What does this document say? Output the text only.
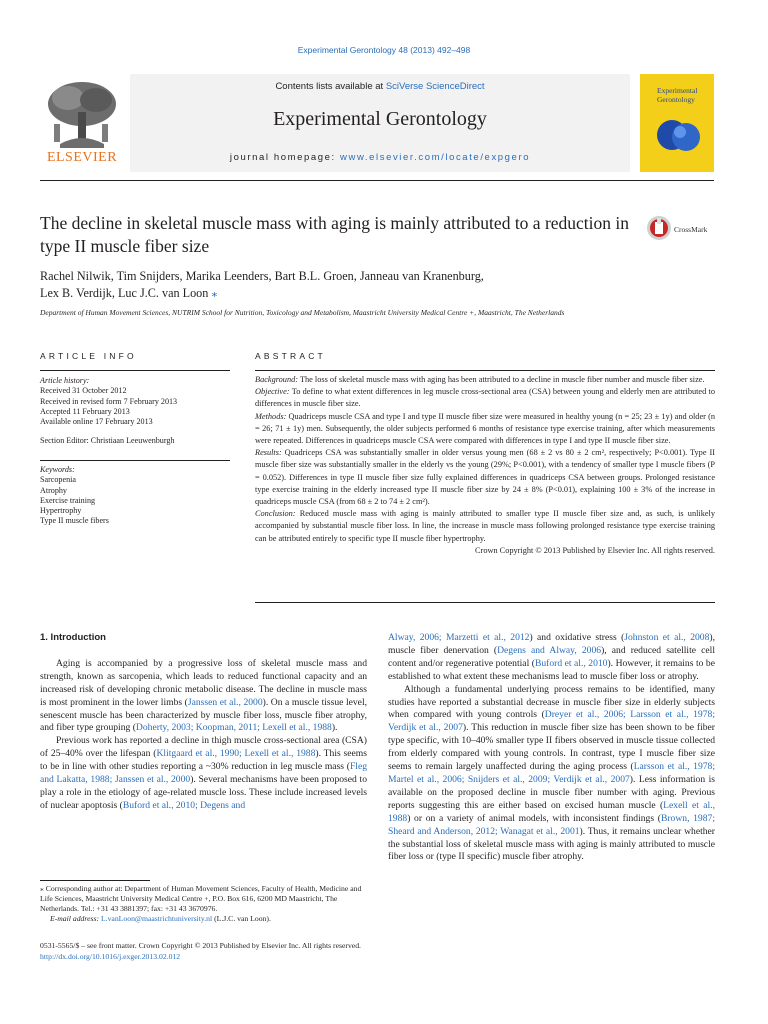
Experimental Gerontology 48 (2013) 492–498
Contents lists available at SciVerse ScienceDirect
Experimental Gerontology
journal homepage: www.elsevier.com/locate/expgero
ELSEVIER
Experimental
Gerontology
The decline in skeletal muscle mass with aging is mainly attributed to a reduction in type II muscle fiber size
CrossMark
Rachel Nilwik, Tim Snijders, Marika Leenders, Bart B.L. Groen, Janneau van Kranenburg,
Lex B. Verdijk, Luc J.C. van Loon ⁎
Department of Human Movement Sciences, NUTRIM School for Nutrition, Toxicology and Metabolism, Maastricht University Medical Centre +, Maastricht, The Netherlands
ARTICLE INFO	ABSTRACT
Article history:
Received 31 October 2012
Received in revised form 7 February 2013
Accepted 11 February 2013
Available online 17 February 2013
Section Editor: Christiaan Leeuwenburgh
Keywords:
Sarcopenia
Atrophy
Exercise training
Hypertrophy
Type II muscle fibers
Background: The loss of skeletal muscle mass with aging has been attributed to a decline in muscle fiber number and muscle fiber size.
Objective: To define to what extent differences in leg muscle cross-sectional area (CSA) between young and elderly men are attributed to differences in muscle fiber size.
Methods: Quadriceps muscle CSA and type I and type II muscle fiber size were measured in healthy young (n = 25; 23 ± 1y) and older (n = 26; 71 ± 1y) men. Subsequently, the older subjects performed 6 months of resistance type exercise training, after which measurements were repeated. Differences in quadriceps muscle CSA were compared with differences in type I and type II muscle fiber size.
Results: Quadriceps CSA was substantially smaller in older versus young men (68 ± 2 vs 80 ± 2 cm², respectively; P<0.001). Type II muscle fiber size was substantially smaller in the elderly vs the young (29%; P<0.001), with a tendency of smaller type I muscle fibers (P = 0.052). Differences in type II muscle fiber size fully explained differences in quadriceps CSA between groups. Prolonged resistance type exercise training in the elderly increased type II muscle fiber size by 24 ± 8% (P<0.01), explaining 100 ± 3% of the increase in quadriceps muscle CSA (from 68 ± 2 to 74 ± 2 cm²).
Conclusion: Reduced muscle mass with aging is mainly attributed to smaller type II muscle fiber size and, as such, is unlikely accompanied by substantial muscle fiber loss. In line, the increase in muscle mass following prolonged resistance type exercise training can be attributed entirely to specific type II muscle fiber hypertrophy.
Crown Copyright © 2013 Published by Elsevier Inc. All rights reserved.
1. Introduction

Aging is accompanied by a progressive loss of skeletal muscle mass and strength, known as sarcopenia, which leads to reduced functional capacity and an increased risk of developing chronic metabolic disease. The decline in muscle mass is most prominent in the lower limbs (Janssen et al., 2000). On a muscle tissue level, senescent muscle has been characterized by muscle fiber loss, muscle fiber atrophy, and fiber type grouping (Doherty, 2003; Koopman, 2011; Lexell et al., 1988).

Previous work has reported a decline in thigh muscle cross-sectional area (CSA) of 25–40% over the lifespan (Klitgaard et al., 1990; Lexell et al., 1988). This seems to be in line with other studies reporting a ~30% reduction in leg muscle mass (Fleg and Lakatta, 1988; Janssen et al., 2000). Several mechanisms have been proposed to play a role in the etiology of age-related muscle loss. These include increased levels of nuclear apoptosis (Buford et al., 2010; Degens and

⁎ Corresponding author at: Department of Human Movement Sciences, Faculty of Health, Medicine and Life Sciences, Maastricht University Medical Centre +, P.O. Box 616, 6200 MD Maastricht, The Netherlands. Tel.: +31 43 3881397; fax: +31 43 3670976.
E-mail address: L.vanLoon@maastrichtuniversity.nl (L.J.C. van Loon).

Alway, 2006; Marzetti et al., 2012) and oxidative stress (Johnston et al., 2008), muscle fiber denervation (Degens and Alway, 2006), and reduced satellite cell content and/or regenerative potential (Buford et al., 2010). However, it remains to be established to what extent these mechanisms lead to muscle fiber loss or atrophy.

Although a fundamental underlying process remains to be identified, many studies have reported a substantial decrease in muscle fiber size in elderly subjects when compared with young controls (Dreyer et al., 2006; Larsson et al., 1978; Verdijk et al., 2007). This reduction in muscle fiber size has been shown to be fiber type specific, with 10–40% smaller type II fibers observed in muscle tissue collected from elderly compared with young controls. In contrast, type I muscle fiber size seems to remain largely unaffected during the aging process (Larsson et al., 1978; Martel et al., 2006; Snijders et al., 2009; Verdijk et al., 2007). Less information is available on the proposed decline in muscle fiber number with aging. Previous reports suggesting this are either based on excised human muscle (Lexell et al., 1988) or on a variety of animal models, with inconsistent findings (Brown, 1987; Sheard and Anderson, 2012; Wanagat et al., 2001). Thus, it remains unclear whether the substantial loss of skeletal muscle mass with aging is mainly attributed to muscle fiber loss or (type II specific) muscle fiber atrophy.

0531-5565/$ – see front matter. Crown Copyright © 2013 Published by Elsevier Inc. All rights reserved.
http://dx.doi.org/10.1016/j.exger.2013.02.012
